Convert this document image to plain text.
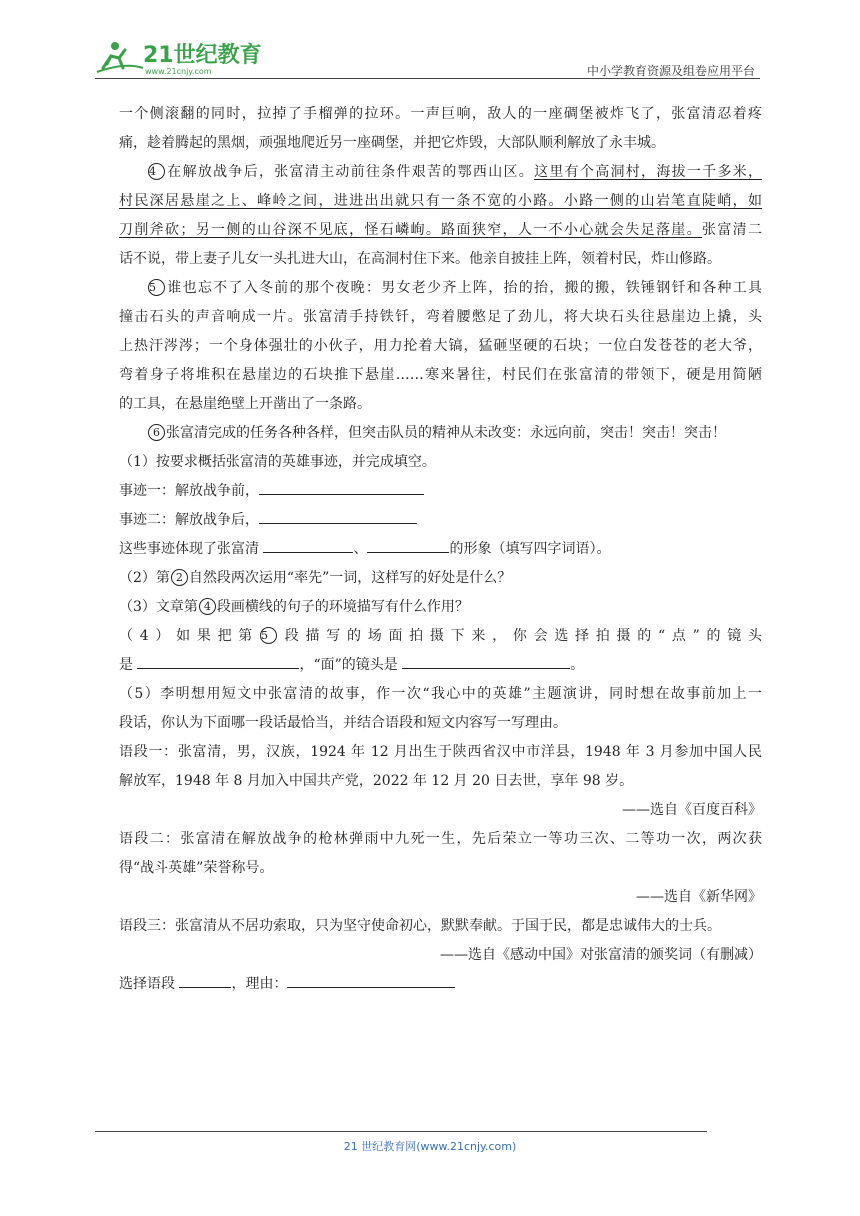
21世纪教育
www.21cnjy.com	中小学教育资源及组卷应用平台

一个侧滚翻的同时，拉掉了手榴弹的拉环。一声巨响，敌人的一座碉堡被炸飞了，张富清忍着疼

痛，趁着腾起的黑烟，顽强地爬近另一座碉堡，并把它炸毁，大部队顺利解放了永丰城。

4 在解放战争后，张富清主动前往条件艰苦的鄂西山区。这里有个高洞村，海拔一千多米，

村民深居悬崖之上、峰岭之间，进进出出就只有一条不宽的小路。小路一侧的山岩笔直陡峭，如

刀削斧砍；另一侧的山谷深不见底，怪石嶙峋。路面狭窄，人一不小心就会失足落崖。张富清二

话不说，带上妻子儿女一头扎进大山，在高洞村住下来。他亲自披挂上阵，领着村民，炸山修路。

5 谁也忘不了入冬前的那个夜晚：男女老少齐上阵，抬的抬，搬的搬，铁锤钢钎和各种工具

撞击石头的声音响成一片。张富清手持铁钎，弯着腰憋足了劲儿，将大块石头往悬崖边上撬，头

上热汗涔涔；一个身体强壮的小伙子，用力抡着大镐，猛砸坚硬的石块；一位白发苍苍的老大爷，

弯着身子将堆积在悬崖边的石块推下悬崖……寒来暑往，村民们在张富清的带领下，硬是用简陋

的工具，在悬崖绝壁上开凿出了一条路。

6 张富清完成的任务各种各样，但突击队员的精神从未改变：永远向前，突击！突击！突击！

（1）按要求概括张富清的英雄事迹，并完成填空。

事迹一：解放战争前，

事迹二：解放战争后，

这些事迹体现了张富清	、	的形象（填写四字词语）。

（2）第 2 自然段两次运用“率先”一词，这样写的好处是什么？

（3）文章第 4 段画横线的句子的环境描写有什么作用？

（4）如果把第 5 段描写的场面拍摄下来，你会选择拍摄的“点”的镜头

是	，“面”的镜头是	。

（5）李明想用短文中张富清的故事，作一次“我心中的英雄”主题演讲，同时想在故事前加上一

段话，你认为下面哪一段话最恰当，并结合语段和短文内容写一写理由。

语段一：张富清，男，汉族，1924 年 12 月出生于陕西省汉中市洋县，1948 年 3 月参加中国人民

解放军，1948 年 8 月加入中国共产党，2022 年 12 月 20 日去世，享年 98 岁。

——选自《百度百科》

语段二：张富清在解放战争的枪林弹雨中九死一生，先后荣立一等功三次、二等功一次，两次获

得“战斗英雄”荣誉称号。

——选自《新华网》

语段三：张富清从不居功索取，只为坚守使命初心，默默奉献。于国于民，都是忠诚伟大的士兵。

——选自《感动中国》对张富清的颁奖词（有删减）

选择语段	，理由：

21 世纪教育网(www.21cnjy.com)
